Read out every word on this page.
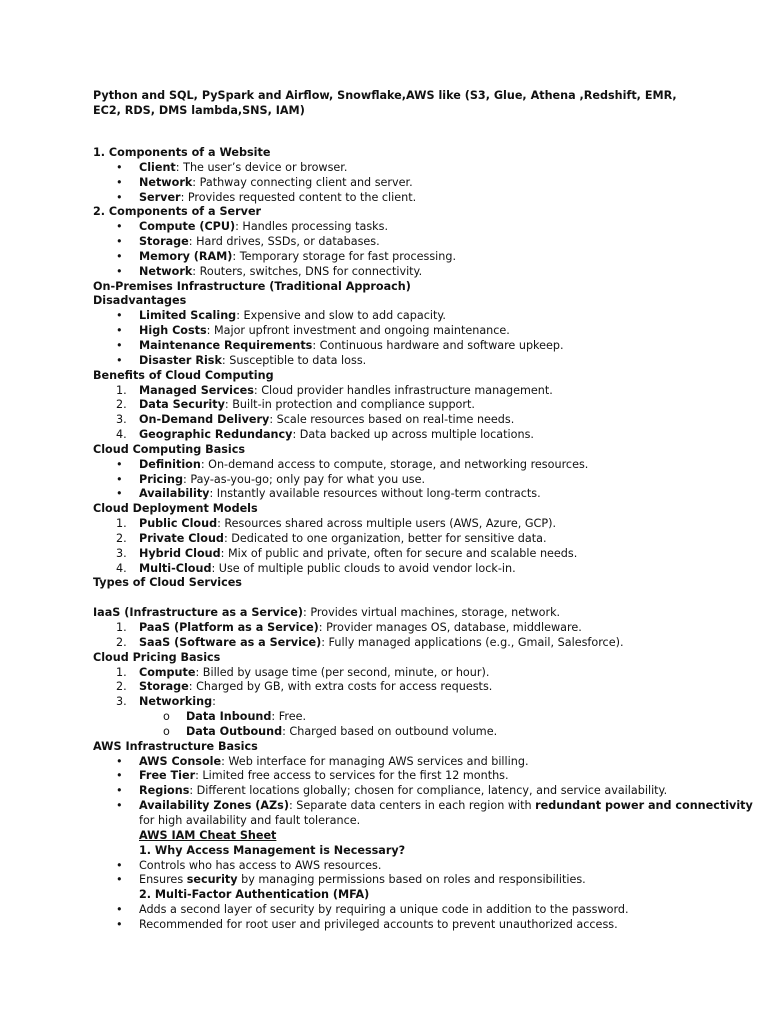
Python and SQL, PySpark and Airflow, Snowflake,AWS like (S3, Glue, Athena ,Redshift, EMR, EC2, RDS, DMS lambda,SNS, IAM)
1. Components of a Website
• Client: The user’s device or browser.
• Network: Pathway connecting client and server.
• Server: Provides requested content to the client.
2. Components of a Server
• Compute (CPU): Handles processing tasks.
• Storage: Hard drives, SSDs, or databases.
• Memory (RAM): Temporary storage for fast processing.
• Network: Routers, switches, DNS for connectivity.
On-Premises Infrastructure (Traditional Approach)
Disadvantages
• Limited Scaling: Expensive and slow to add capacity.
• High Costs: Major upfront investment and ongoing maintenance.
• Maintenance Requirements: Continuous hardware and software upkeep.
• Disaster Risk: Susceptible to data loss.
Benefits of Cloud Computing
1. Managed Services: Cloud provider handles infrastructure management.
2. Data Security: Built-in protection and compliance support.
3. On-Demand Delivery: Scale resources based on real-time needs.
4. Geographic Redundancy: Data backed up across multiple locations.
Cloud Computing Basics
• Definition: On-demand access to compute, storage, and networking resources.
• Pricing: Pay-as-you-go; only pay for what you use.
• Availability: Instantly available resources without long-term contracts.
Cloud Deployment Models
1. Public Cloud: Resources shared across multiple users (AWS, Azure, GCP).
2. Private Cloud: Dedicated to one organization, better for sensitive data.
3. Hybrid Cloud: Mix of public and private, often for secure and scalable needs.
4. Multi-Cloud: Use of multiple public clouds to avoid vendor lock-in.
Types of Cloud Services
IaaS (Infrastructure as a Service): Provides virtual machines, storage, network.
1. PaaS (Platform as a Service): Provider manages OS, database, middleware.
2. SaaS (Software as a Service): Fully managed applications (e.g., Gmail, Salesforce).
Cloud Pricing Basics
1. Compute: Billed by usage time (per second, minute, or hour).
2. Storage: Charged by GB, with extra costs for access requests.
3. Networking:
o Data Inbound: Free.
o Data Outbound: Charged based on outbound volume.
AWS Infrastructure Basics
• AWS Console: Web interface for managing AWS services and billing.
• Free Tier: Limited free access to services for the first 12 months.
• Regions: Different locations globally; chosen for compliance, latency, and service availability.
• Availability Zones (AZs): Separate data centers in each region with redundant power and connectivity
for high availability and fault tolerance.
AWS IAM Cheat Sheet
1. Why Access Management is Necessary?
• Controls who has access to AWS resources.
• Ensures security by managing permissions based on roles and responsibilities.
2. Multi-Factor Authentication (MFA)
• Adds a second layer of security by requiring a unique code in addition to the password.
• Recommended for root user and privileged accounts to prevent unauthorized access.
